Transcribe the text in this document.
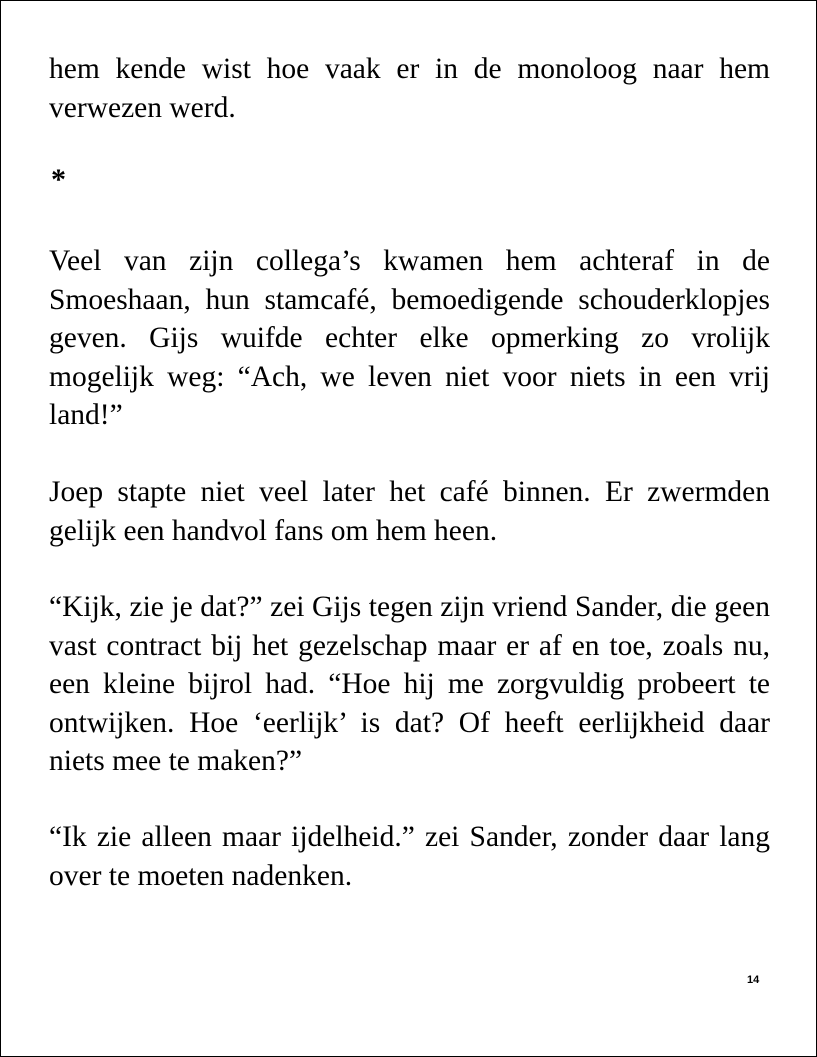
hem kende wist hoe vaak er in de monoloog naar hem verwezen werd.

*

Veel van zijn collega’s kwamen hem achteraf in de Smoeshaan, hun stamcafé, bemoedigende schouderklopjes geven. Gijs wuifde echter elke opmerking zo vrolijk mogelijk weg: “Ach, we leven niet voor niets in een vrij land!”

Joep stapte niet veel later het café binnen. Er zwermden gelijk een handvol fans om hem heen.

“Kijk, zie je dat?” zei Gijs tegen zijn vriend Sander, die geen vast contract bij het gezelschap maar er af en toe, zoals nu, een kleine bijrol had. “Hoe hij me zorgvuldig probeert te ontwijken. Hoe ‘eerlijk’ is dat? Of heeft eerlijkheid daar niets mee te maken?”

“Ik zie alleen maar ijdelheid.” zei Sander, zonder daar lang over te moeten nadenken.

14
